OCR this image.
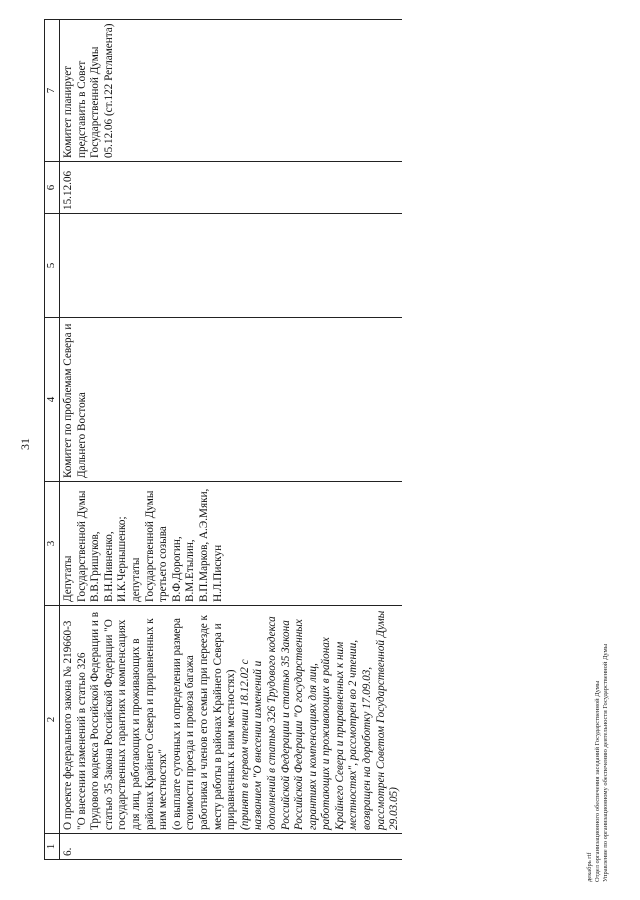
31
1	2	3	4	5	6	7
6.	О проекте федерального закона № 219660-3 "О внесении изменений в статью 326 Трудового кодекса Российской Федерации и в статью 35 Закона Российской Федерации "О государственных гарантиях и компенсациях для лиц, работающих и проживающих в районах Крайнего Севера и приравненных к ним местностях" (о выплате суточных и определении размера стоимости проезда и провоза багажа работника и членов его семьи при переезде к месту работы в районах Крайнего Севера и приравненных к ним местностях) (принят в первом чтении 18.12.02 с названием "О внесении изменений и дополнений в статью 326 Трудового кодекса Российской Федерации и статью 35 Закона Российской Федерации "О государственных гарантиях и компенсациях для лиц, работающих и проживающих в районах Крайнего Севера и приравненных к ним местностях", рассмотрен во 2 чтении, возвращен на доработку 17.09.03, рассмотрен Советом Государственной Думы 29.03.05)	Депутаты Государственной Думы В.В.Гришуков, В.Н.Пивненко, И.К.Чернышенко; депутаты Государственной Думы третьего созыва В.Ф.Дорогин, В.М.Етылин, В.П.Марков, А.Э.Мяки, Н.Л.Пискун	Комитет по проблемам Севера и Дальнего Востока		15.12.06	Комитет планирует представить в Совет Государственной Думы 05.12.06 (ст.122 Регламента)
декабрь rtf Отдел организационного обеспечения заседаний Государственной Думы Управление по организационному обеспечению деятельности Государственной Думы
